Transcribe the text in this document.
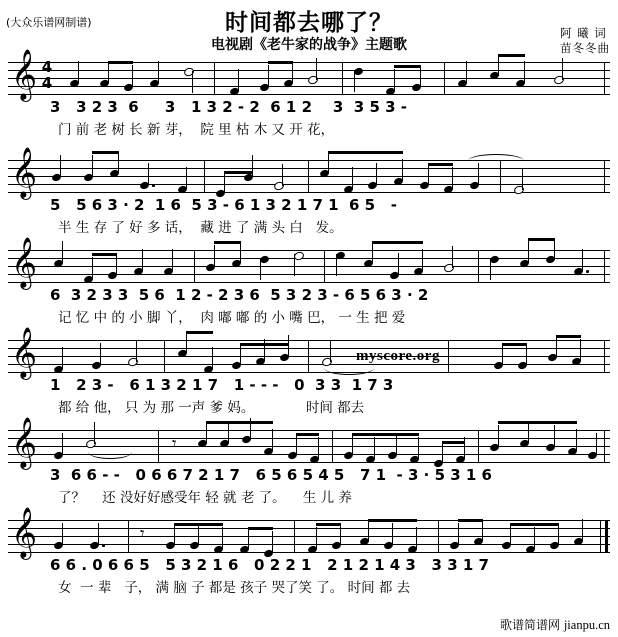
(大众乐谱网制谱)	时间都去哪了？
电视剧《老牛家的战争》主题歌
阿 曦 词
苗冬冬曲
𝄞 4
4
3   3 2 3  6     3   1 3 2 - 2  6 1 2    3  3 5 3 -
门 前 老 树 长 新 芽，  院 里 枯 木 又 开 花，
𝄞
5   5 6 3 · 2  1 6  5 3 - 6 1 3 2 1 7 1  6 5   -
半 生 存 了 好 多 话，  藏 进 了 满 头 白   发。
𝄞
6  3 2 3 3  5 6  1 2 - 2 3 6  5 3 2 3 - 6 5 6 3 · 2
记 忆 中 的 小 脚 丫，  肉 嘟 嘟 的 小 嘴 巴， 一 生 把 爱
𝄞	myscore.org
1   2 3 -   6 1 3 2 1 7   1 - - -   0  3 3  1 7 3
都 给 他， 只 为 那 一声 爹 妈。            时间 都去
𝄞	𝄾
3  6 6 - -   0 6 6 7 2 1 7   6 5 6 5 4 5   7 1  - 3 · 5 3 1 6
了？    还 没好好感受年 轻 就 老 了。    生 儿 养
𝄞	𝄾
6 6 . 0 6 6 5   5 3 2 1 6   0 2 2 1   2 1 2 1 4 3   3 3 1 7
女  一 辈   子， 满 脑 子 都是 孩子 哭了笑 了。 时间 都 去
歌谱简谱网 jianpu.cn
